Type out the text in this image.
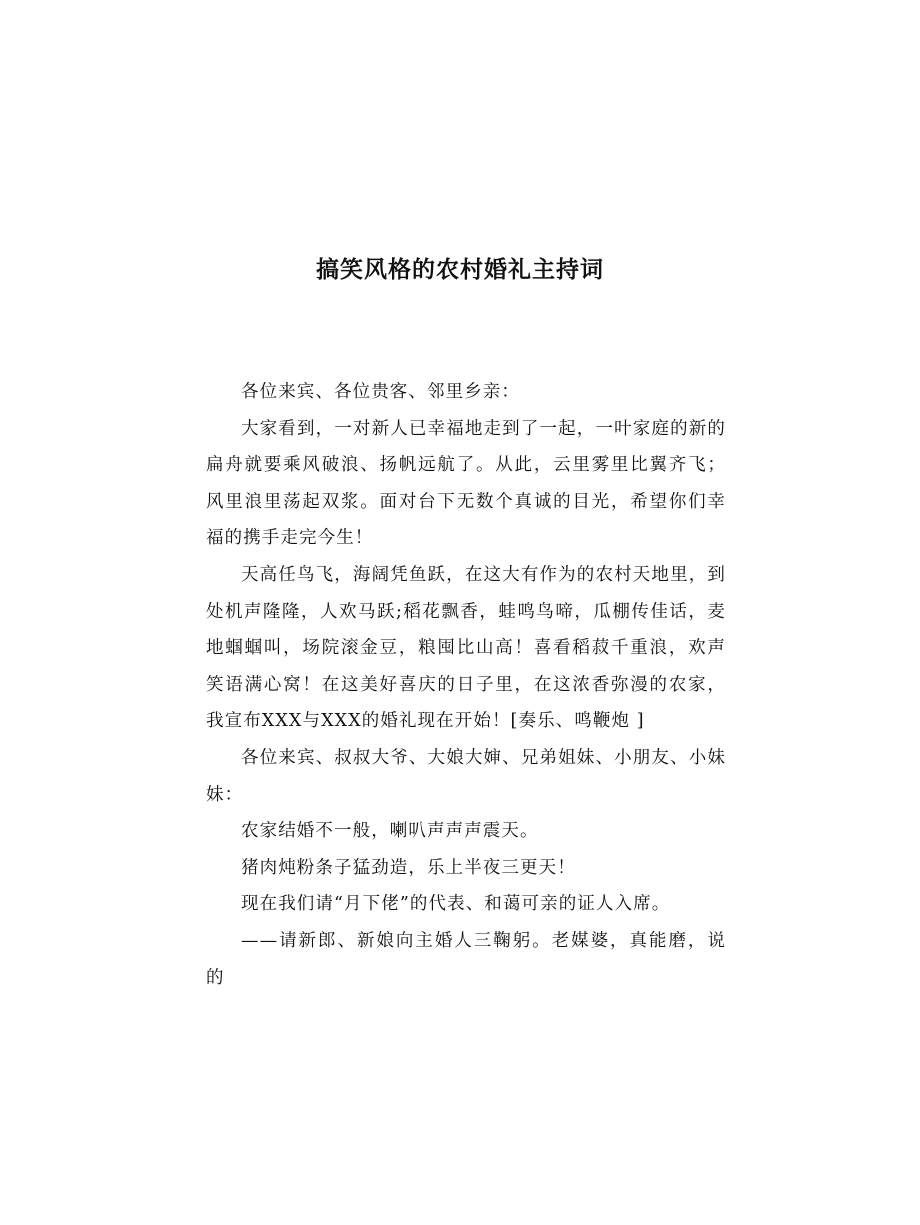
搞笑风格的农村婚礼主持词

各位来宾、各位贵客、邻里乡亲：

大家看到，一对新人已幸福地走到了一起，一叶家庭的新的扁舟就要乘风破浪、扬帆远航了。从此，云里雾里比翼齐飞；风里浪里荡起双浆。面对台下无数个真诚的目光，希望你们幸福的携手走完今生！

天高任鸟飞，海阔凭鱼跃，在这大有作为的农村天地里，到处机声隆隆，人欢马跃;稻花飘香，蛙鸣鸟啼，瓜棚传佳话，麦地蝈蝈叫，场院滚金豆，粮囤比山高！喜看稻菽千重浪，欢声笑语满心窝！在这美好喜庆的日子里，在这浓香弥漫的农家，我宣布XXX与XXX的婚礼现在开始！[奏乐、鸣鞭炮 ]

各位来宾、叔叔大爷、大娘大婶、兄弟姐妹、小朋友、小妹妹：

农家结婚不一般，喇叭声声声震天。

猪肉炖粉条子猛劲造，乐上半夜三更天！

现在我们请“月下佬”的代表、和蔼可亲的证人入席。

——请新郎、新娘向主婚人三鞠躬。老媒婆，真能磨，说 的
